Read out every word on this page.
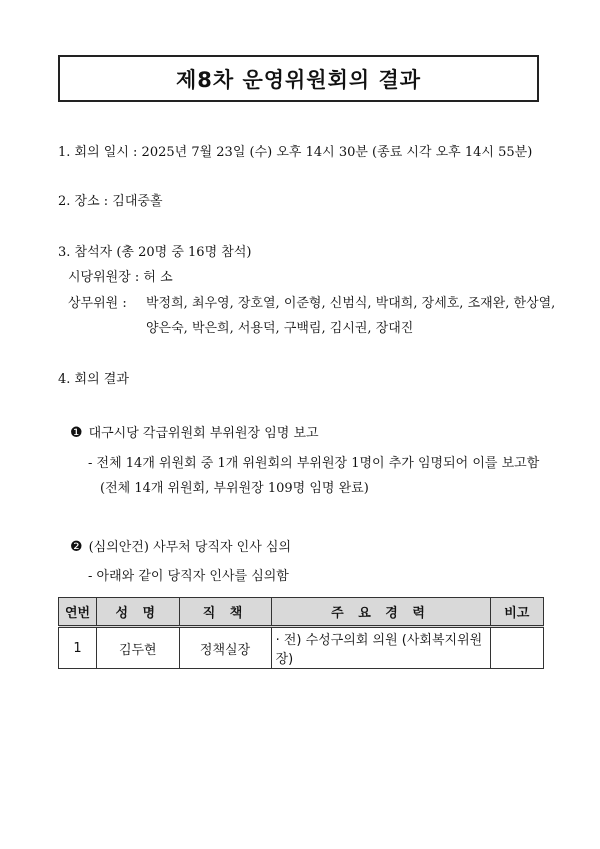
제8차 운영위원회의 결과
1. 회의 일시 : 2025년 7월 23일 (수) 오후 14시 30분 (종료 시각 오후 14시 55분)
2. 장소 : 김대중홀
3. 참석자 (총 20명 중 16명 참석)
시당위원장 : 허 소
상무위원 : 박정희, 최우영, 장호열, 이준형, 신범식, 박대희, 장세호, 조재완, 한상열,
양은숙, 박은희, 서용덕, 구백림, 김시권, 장대진
4. 회의 결과
❶ 대구시당 각급위원회 부위원장 임명 보고
- 전체 14개 위원회 중 1개 위원회의 부위원장 1명이 추가 임명되어 이를 보고함
(전체 14개 위원회, 부위원장 109명 임명 완료)
❷ (심의안건) 사무처 당직자 인사 심의
- 아래와 같이 당직자 인사를 심의함
연번	성 명	직 책	주 요 경 력	비고
1	김두현	정책실장	· 전) 수성구의회 의원 (사회복지위원장)	
